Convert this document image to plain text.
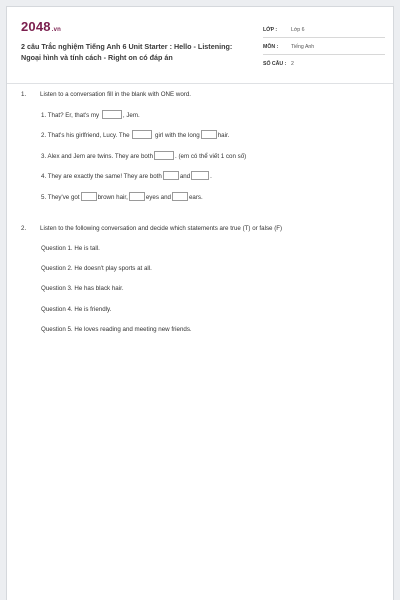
2048.vn
2 câu Trắc nghiệm Tiếng Anh 6 Unit Starter : Hello - Listening: Ngoại hình và tính cách - Right on có đáp án
LỚP :	Lớp 6
MÔN : Tiếng Anh
SỐ CÂU : 2
1. Listen to a conversation fill in the blank with ONE word.
1. That? Er, that's my	, Jem.
2. That's his girlfriend, Lucy. The	girl with the long	hair.
3. Alex and Jem are twins. They are both	. (em có thể viết 1 con số)
4. They are exactly the same! They are both	and	.
5. They've got	brown hair,	eyes and	ears.
2. Listen to the following conversation and decide which statements are true (T) or false (F)
Question 1. He is tall.
Question 2. He doesn't play sports at all.
Question 3. He has black hair.
Question 4. He is friendly.
Question 5. He loves reading and meeting new friends.
